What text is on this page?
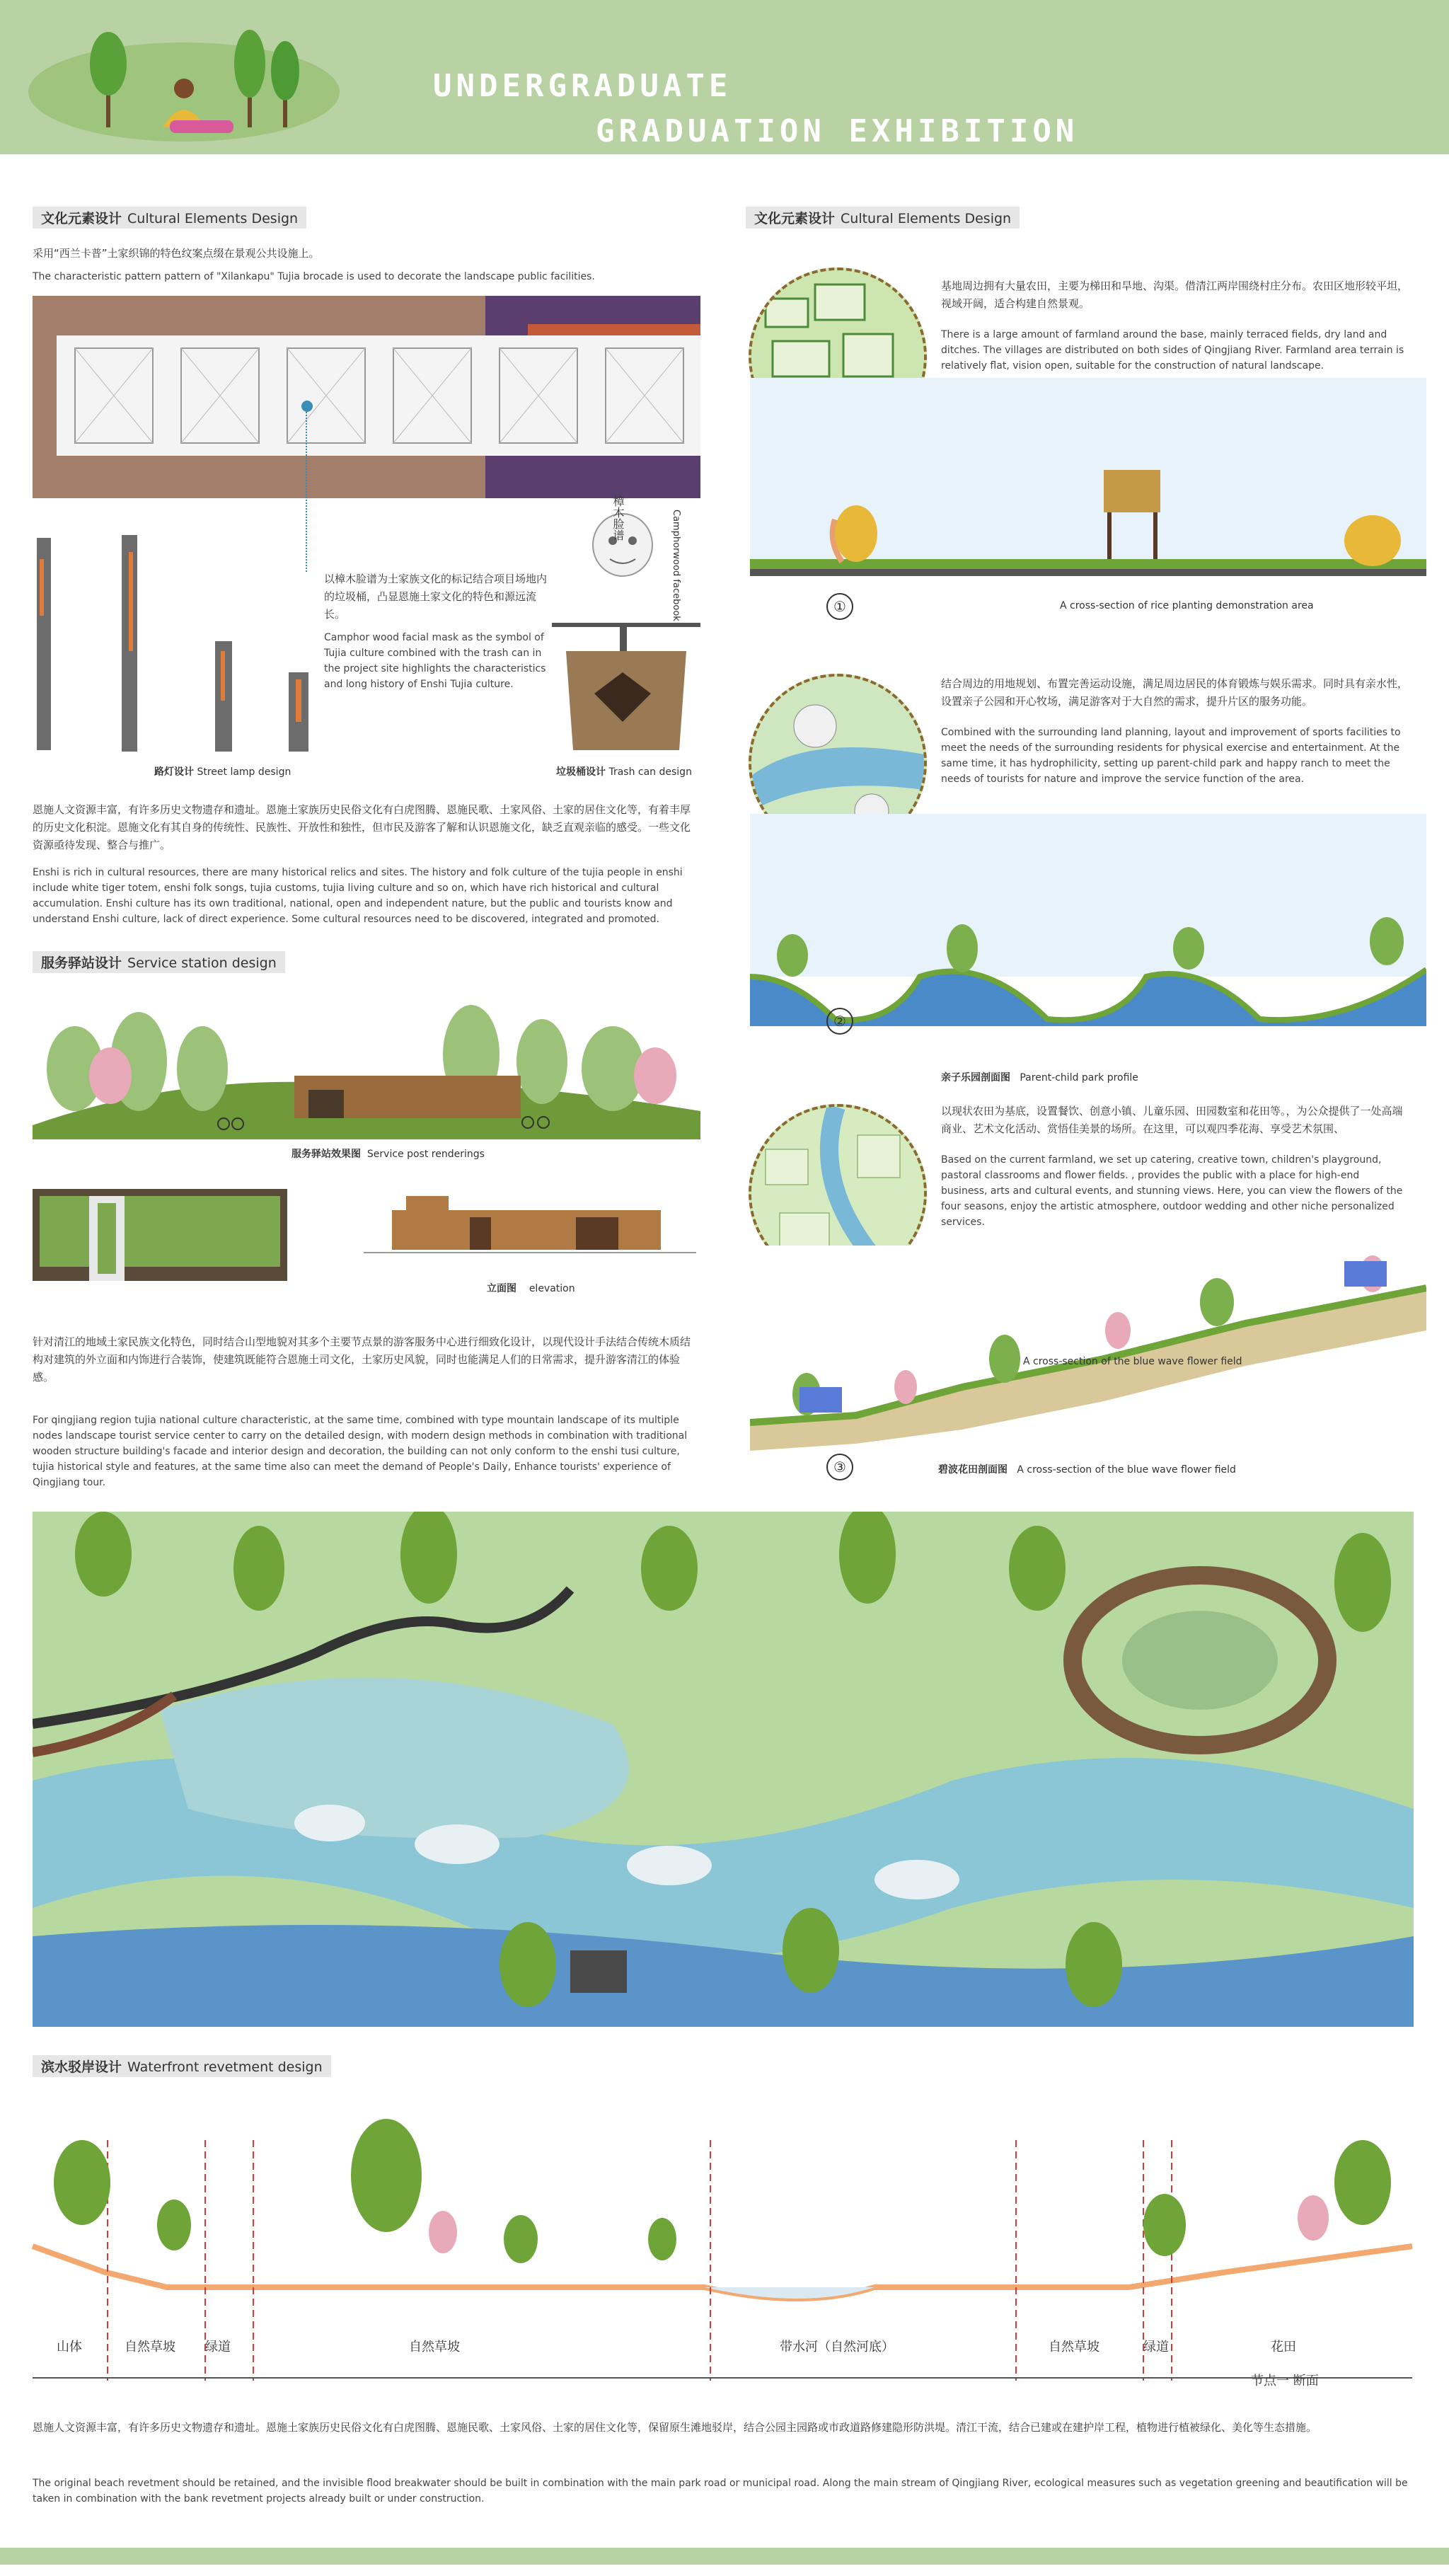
UNDERGRADUATE
GRADUATION EXHIBITION
文化元素设计 Cultural Elements Design
采用“西兰卡普”土家织锦的特色纹案点缀在景观公共设施上。
The characteristic pattern pattern of "Xilankapu" Tujia brocade is used to decorate the landscape public facilities.
以樟木脸谱为土家族文化的标记结合项目场地内的垃圾桶，凸显恩施土家文化的特色和源远流长。
Camphor wood facial mask as the symbol of Tujia culture combined with the trash can in the project site highlights the characteristics and long history of Enshi Tujia culture.
樟木脸谱	Camphorwood facebook
路灯设计 Street lamp design	垃圾桶设计 Trash can design
恩施人文资源丰富，有许多历史文物遗存和遗址。恩施土家族历史民俗文化有白虎图腾、恩施民歌、土家风俗、土家的居住文化等，有着丰厚的历史文化积淀。恩施文化有其自身的传统性、民族性、开放性和独性，但市民及游客了解和认识恩施文化，缺乏直观亲临的感受。一些文化资源亟待发现、整合与推广。
Enshi is rich in cultural resources, there are many historical relics and sites. The history and folk culture of the tujia people in enshi include white tiger totem, enshi folk songs, tujia customs, tujia living culture and so on, which have rich historical and cultural accumulation. Enshi culture has its own traditional, national, open and independent nature, but the public and tourists know and understand Enshi culture, lack of direct experience. Some cultural resources need to be discovered, integrated and promoted.
服务驿站设计 Service station design
服务驿站效果图 Service post renderings
立面图 elevation
针对清江的地域土家民族文化特色，同时结合山型地貌对其多个主要节点景的游客服务中心进行细致化设计，以现代设计手法结合传统木质结构对建筑的外立面和内饰进行合装饰，使建筑既能符合恩施土司文化，土家历史风貌，同时也能满足人们的日常需求，提升游客清江的体验感。
For qingjiang region tujia national culture characteristic, at the same time, combined with type mountain landscape of its multiple nodes landscape tourist service center to carry on the detailed design, with modern design methods in combination with traditional wooden structure building's facade and interior design and decoration, the building can not only conform to the enshi tusi culture, tujia historical style and features, at the same time also can meet the demand of People's Daily, Enhance tourists' experience of Qingjiang tour.
文化元素设计 Cultural Elements Design
基地周边拥有大量农田，主要为梯田和旱地、沟渠。借清江两岸围绕村庄分布。农田区地形较平坦，视域开阔，适合构建自然景观。
There is a large amount of farmland around the base, mainly terraced fields, dry land and ditches. The villages are distributed on both sides of Qingjiang River. Farmland area terrain is relatively flat, vision open, suitable for the construction of natural landscape.
①	A cross-section of rice planting demonstration area
结合周边的用地规划、布置完善运动设施，满足周边居民的体育锻炼与娱乐需求。同时具有亲水性，设置亲子公园和开心牧场，满足游客对于大自然的需求，提升片区的服务功能。
Combined with the surrounding land planning, layout and improvement of sports facilities to meet the needs of the surrounding residents for physical exercise and entertainment. At the same time, it has hydrophilicity, setting up parent-child park and happy ranch to meet the needs of tourists for nature and improve the service function of the area.
②
亲子乐园剖面图 Parent-child park profile
以现状农田为基底，设置餐饮、创意小镇、儿童乐园、田园数室和花田等。，为公众提供了一处高端商业、艺术文化活动、赏悟佳美景的场所。在这里，可以观四季花海、享受艺术氛围、
Based on the current farmland, we set up catering, creative town, children's playground, pastoral classrooms and flower fields. , provides the public with a place for high-end business, arts and cultural events, and stunning views. Here, you can view the flowers of the four seasons, enjoy the artistic atmosphere, outdoor wedding and other niche personalized services.
A cross-section of the blue wave flower field
③	碧波花田剖面图 A cross-section of the blue wave flower field
滨水驳岸设计 Waterfront revetment design
山体	自然草坡 绿道	自然草坡	带水河（自然河底）	自然草坡	绿道	花田
节点一 断面
恩施人文资源丰富，有许多历史文物遗存和遗址。恩施土家族历史民俗文化有白虎图腾、恩施民歌、土家风俗、土家的居住文化等，保留原生滩地驳岸，结合公园主园路或市政道路修建隐形防洪堤。清江干流，结合已建或在建护岸工程，植物进行植被绿化、美化等生态措施。
The original beach revetment should be retained, and the invisible flood breakwater should be built in combination with the main park road or municipal road. Along the main stream of Qingjiang River, ecological measures such as vegetation greening and beautification will be taken in combination with the bank revetment projects already built or under construction.
